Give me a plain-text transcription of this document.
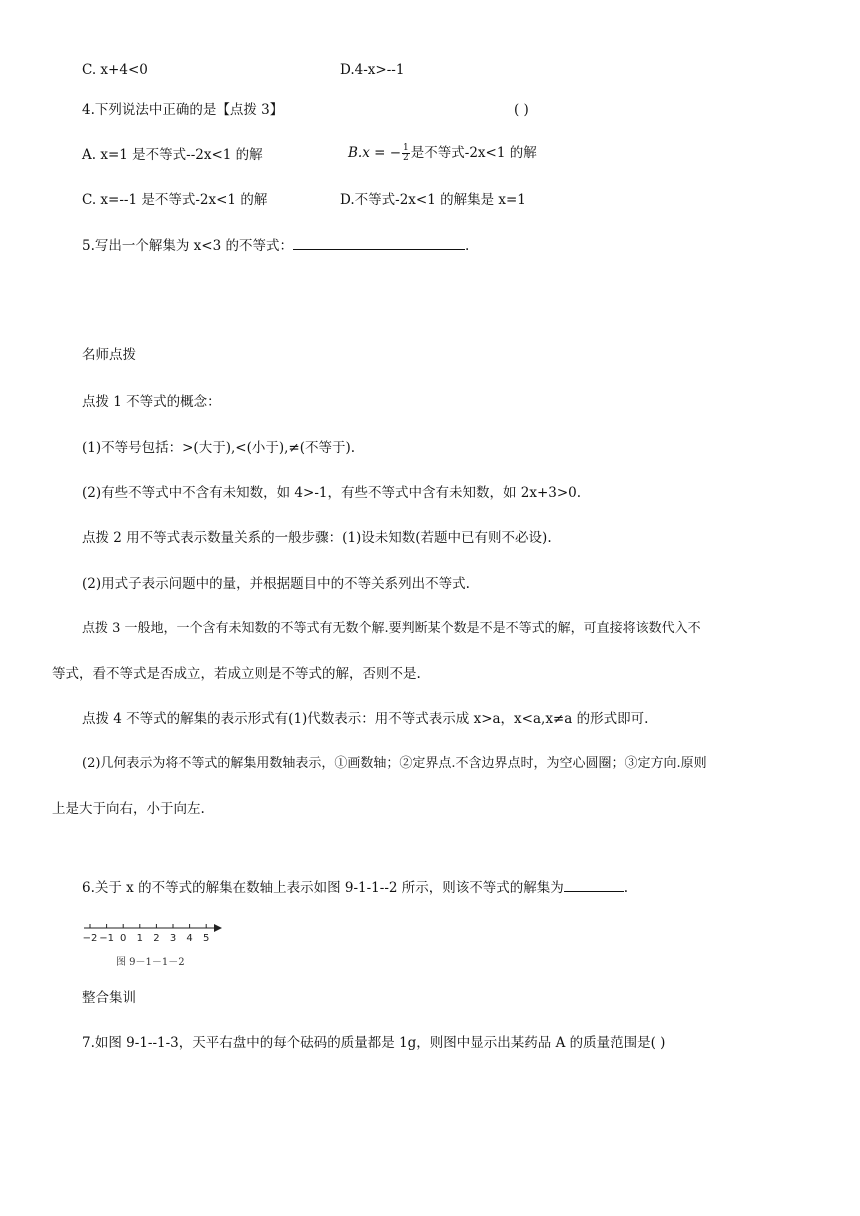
C. x+4<0	D.4-x>--1
4.下列说法中正确的是【点拨 3】	( )
A. x=1 是不等式--2x<1 的解	B.x = − $\frac{1}{2}$ 是不等式-2x<1 的解
C. x=--1 是不等式-2x<1 的解	D.不等式-2x<1 的解集是 x=1
5.写出一个解集为 x<3 的不等式：	.
名师点拨
点拨 1 不等式的概念：
(1)不等号包括：>(大于),<(小于),≠(不等于).
(2)有些不等式中不含有未知数，如 4>-1，有些不等式中含有未知数，如 2x+3>0.
点拨 2 用不等式表示数量关系的一般步骤：(1)设未知数(若题中已有则不必设).
(2)用式子表示问题中的量，并根据题目中的不等关系列出不等式.
点拨 3 一般地，一个含有未知数的不等式有无数个解.要判断某个数是不是不等式的解，可直接将该数代入不
等式，看不等式是否成立，若成立则是不等式的解，否则不是.
点拨 4 不等式的解集的表示形式有(1)代数表示：用不等式表示成 x>a，x<a,x≠a 的形式即可.
(2)几何表示为将不等式的解集用数轴表示，①画数轴；②定界点.不含边界点时，为空心圆圈；③定方向.原则
上是大于向右，小于向左.
6.关于 x 的不等式的解集在数轴上表示如图 9-1-1--2 所示，则该不等式的解集为	.
−2 −1 0 1 2 3 4 5
图 9－1－1－2
整合集训
7.如图 9-1--1-3，天平右盘中的每个砝码的质量都是 1g，则图中显示出某药品 A 的质量范围是( )
